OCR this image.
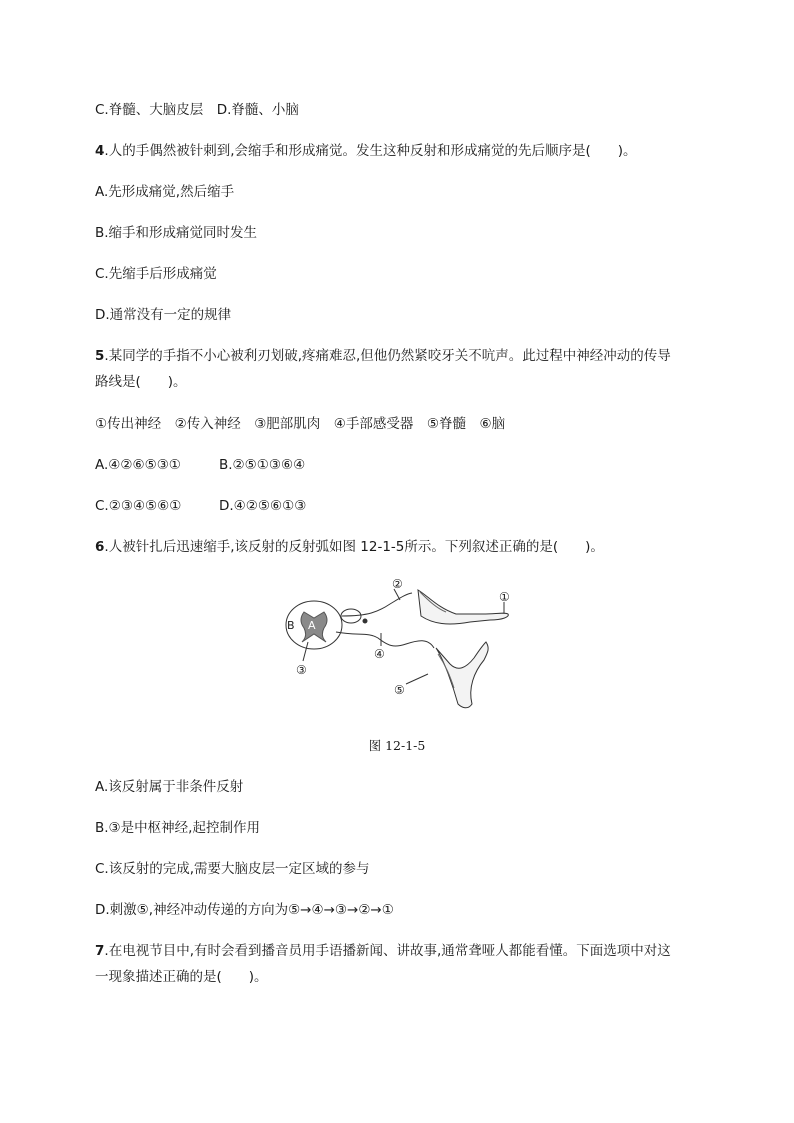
C.脊髓、大脑皮层　D.脊髓、小脑
4.人的手偶然被针刺到,会缩手和形成痛觉。发生这种反射和形成痛觉的先后顺序是(　　)。
A.先形成痛觉,然后缩手
B.缩手和形成痛觉同时发生
C.先缩手后形成痛觉
D.通常没有一定的规律
5.某同学的手指不小心被利刃划破,疼痛难忍,但他仍然紧咬牙关不吭声。此过程中神经冲动的传导
路线是(　　)。
①传出神经　②传入神经　③肥部肌肉　④手部感受器　⑤脊髓　⑥脑
A.④②⑥⑤③①	B.②⑤①③⑥④
C.②③④⑤⑥①	D.④②⑤⑥①③
6.人被针扎后迅速缩手,该反射的反射弧如图 12-1-5所示。下列叙述正确的是(　　)。
②
①
④
③
⑤
A
B
图 12-1-5
A.该反射属于非条件反射
B.③是中枢神经,起控制作用
C.该反射的完成,需要大脑皮层一定区域的参与
D.刺激⑤,神经冲动传递的方向为⑤→④→③→②→①
7.在电视节目中,有时会看到播音员用手语播新闻、讲故事,通常聋哑人都能看懂。下面选项中对这
一现象描述正确的是(　　)。
